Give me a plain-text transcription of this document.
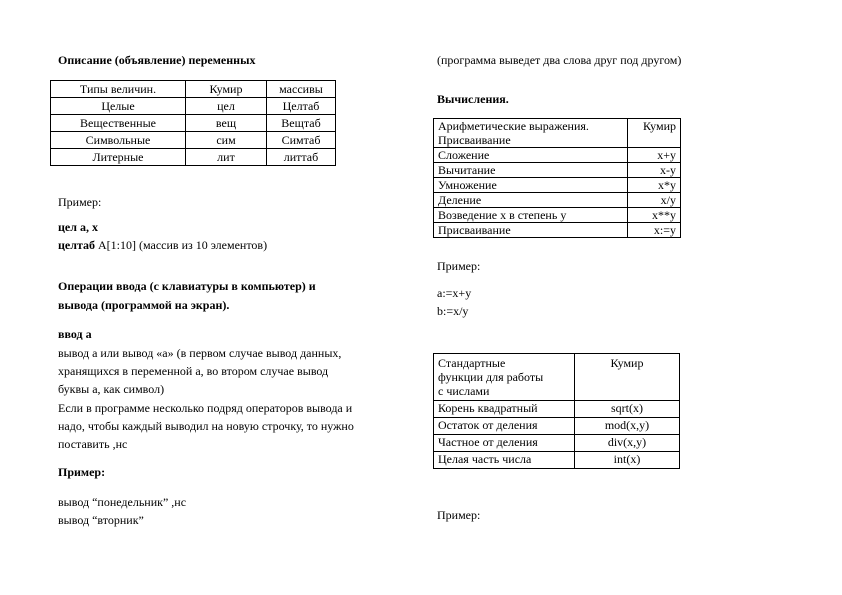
Описание (объявление) переменных
Типы величин.	Кумир	массивы
Целые	цел	Целтаб
Вещественные	вещ	Вещтаб
Символьные	сим	Симтаб
Литерные	лит	литтаб
Пример:
цел a, x
целтаб A[1:10] (массив из 10 элементов)
Операции ввода (с клавиатуры в компьютер) и
вывода (программой на экран).
ввод a
вывод a или вывод «a» (в первом случае вывод данных,
хранящихся в переменной a, во втором случае вывод
буквы a, как символ)
Если в программе несколько подряд операторов вывода и
надо, чтобы каждый выводил на новую строчку, то нужно
поставить ,нс
Пример:
вывод “понедельник” ,нс
вывод “вторник”
(программа выведет два слова друг под другом)
Вычисления.
Арифметические выражения.
Присваивание	Кумир
Сложение	x+y
Вычитание	x-y
Умножение	x*y
Деление	x/y
Возведение x в степень y	x**y
Присваивание	x:=y
Пример:
a:=x+y
b:=x/y
Стандартные
функции для работы
с числами	Кумир
Корень квадратный	sqrt(x)
Остаток от деления	mod(x,y)
Частное от деления	div(x,y)
Целая часть числа	int(x)
Пример:
